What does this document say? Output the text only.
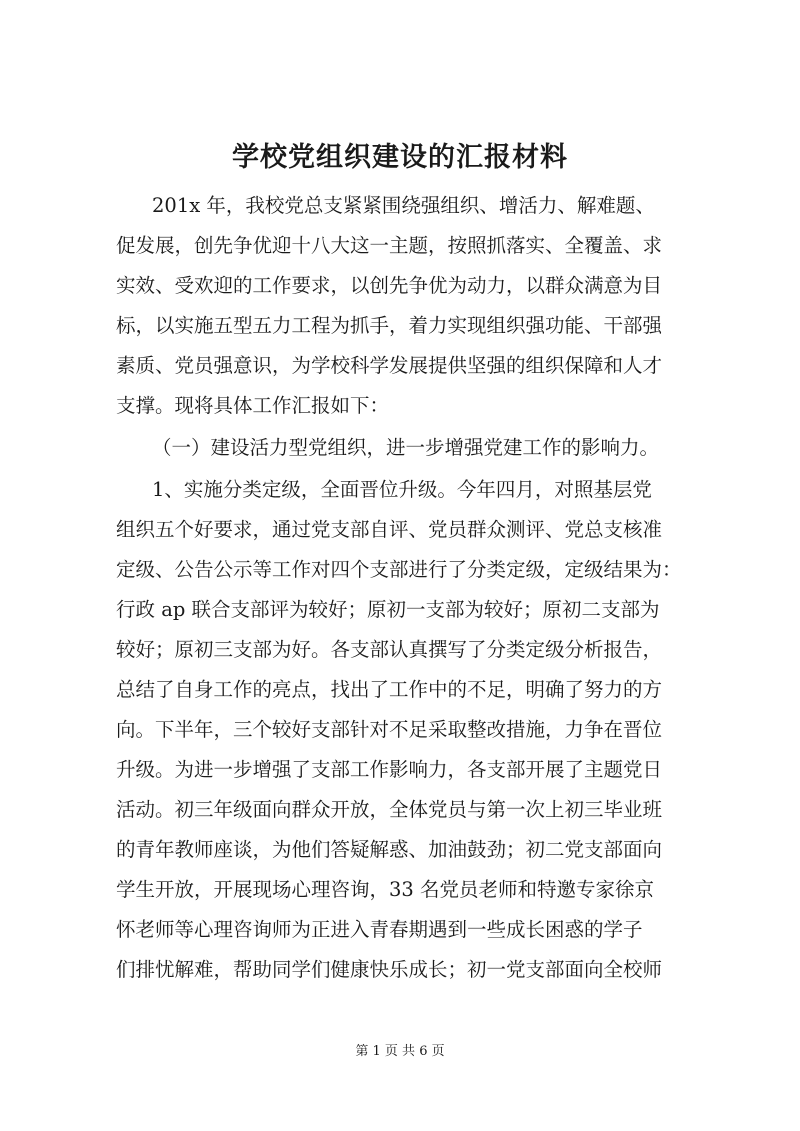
学校党组织建设的汇报材料

201x 年，我校党总支紧紧围绕强组织、增活力、解难题、

促发展，创先争优迎十八大这一主题，按照抓落实、全覆盖、求

实效、受欢迎的工作要求，以创先争优为动力，以群众满意为目

标，以实施五型五力工程为抓手，着力实现组织强功能、干部强

素质、党员强意识，为学校科学发展提供坚强的组织保障和人才

支撑。现将具体工作汇报如下：

（一）建设活力型党组织，进一步增强党建工作的影响力。

1、实施分类定级，全面晋位升级。今年四月，对照基层党

组织五个好要求，通过党支部自评、党员群众测评、党总支核准

定级、公告公示等工作对四个支部进行了分类定级，定级结果为：

行政 ap 联合支部评为较好；原初一支部为较好；原初二支部为

较好；原初三支部为好。各支部认真撰写了分类定级分析报告，

总结了自身工作的亮点，找出了工作中的不足，明确了努力的方

向。下半年，三个较好支部针对不足采取整改措施，力争在晋位

升级。为进一步增强了支部工作影响力，各支部开展了主题党日

活动。初三年级面向群众开放，全体党员与第一次上初三毕业班

的青年教师座谈，为他们答疑解惑、加油鼓劲；初二党支部面向

学生开放，开展现场心理咨询，33 名党员老师和特邀专家徐京

怀老师等心理咨询师为正进入青春期遇到一些成长困惑的学子

们排忧解难，帮助同学们健康快乐成长；初一党支部面向全校师

第 1 页 共 6 页
